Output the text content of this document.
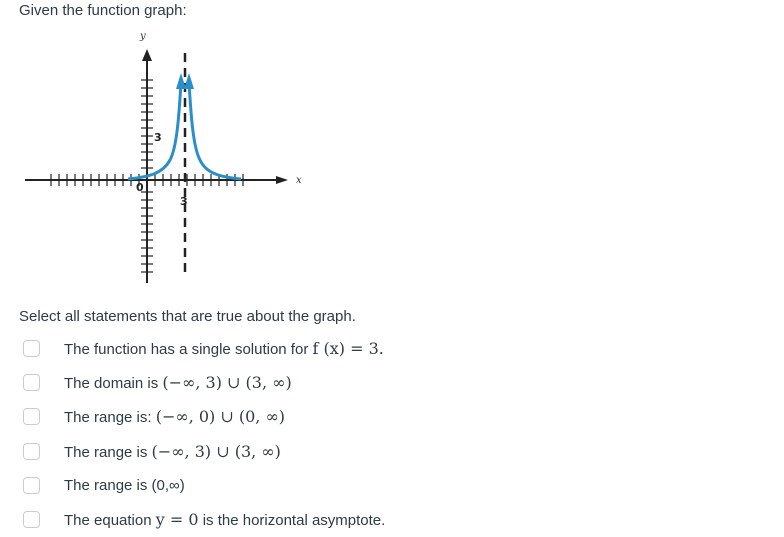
Given the function graph:
y
x
3
3
0
Select all statements that are true about the graph.
The function has a single solution for f (x) = 3.
The domain is (−∞, 3) ∪ (3, ∞)
The range is: (−∞, 0) ∪ (0, ∞)
The range is (−∞, 3) ∪ (3, ∞)
The range is (0,∞)
The equation y = 0 is the horizontal asymptote.
